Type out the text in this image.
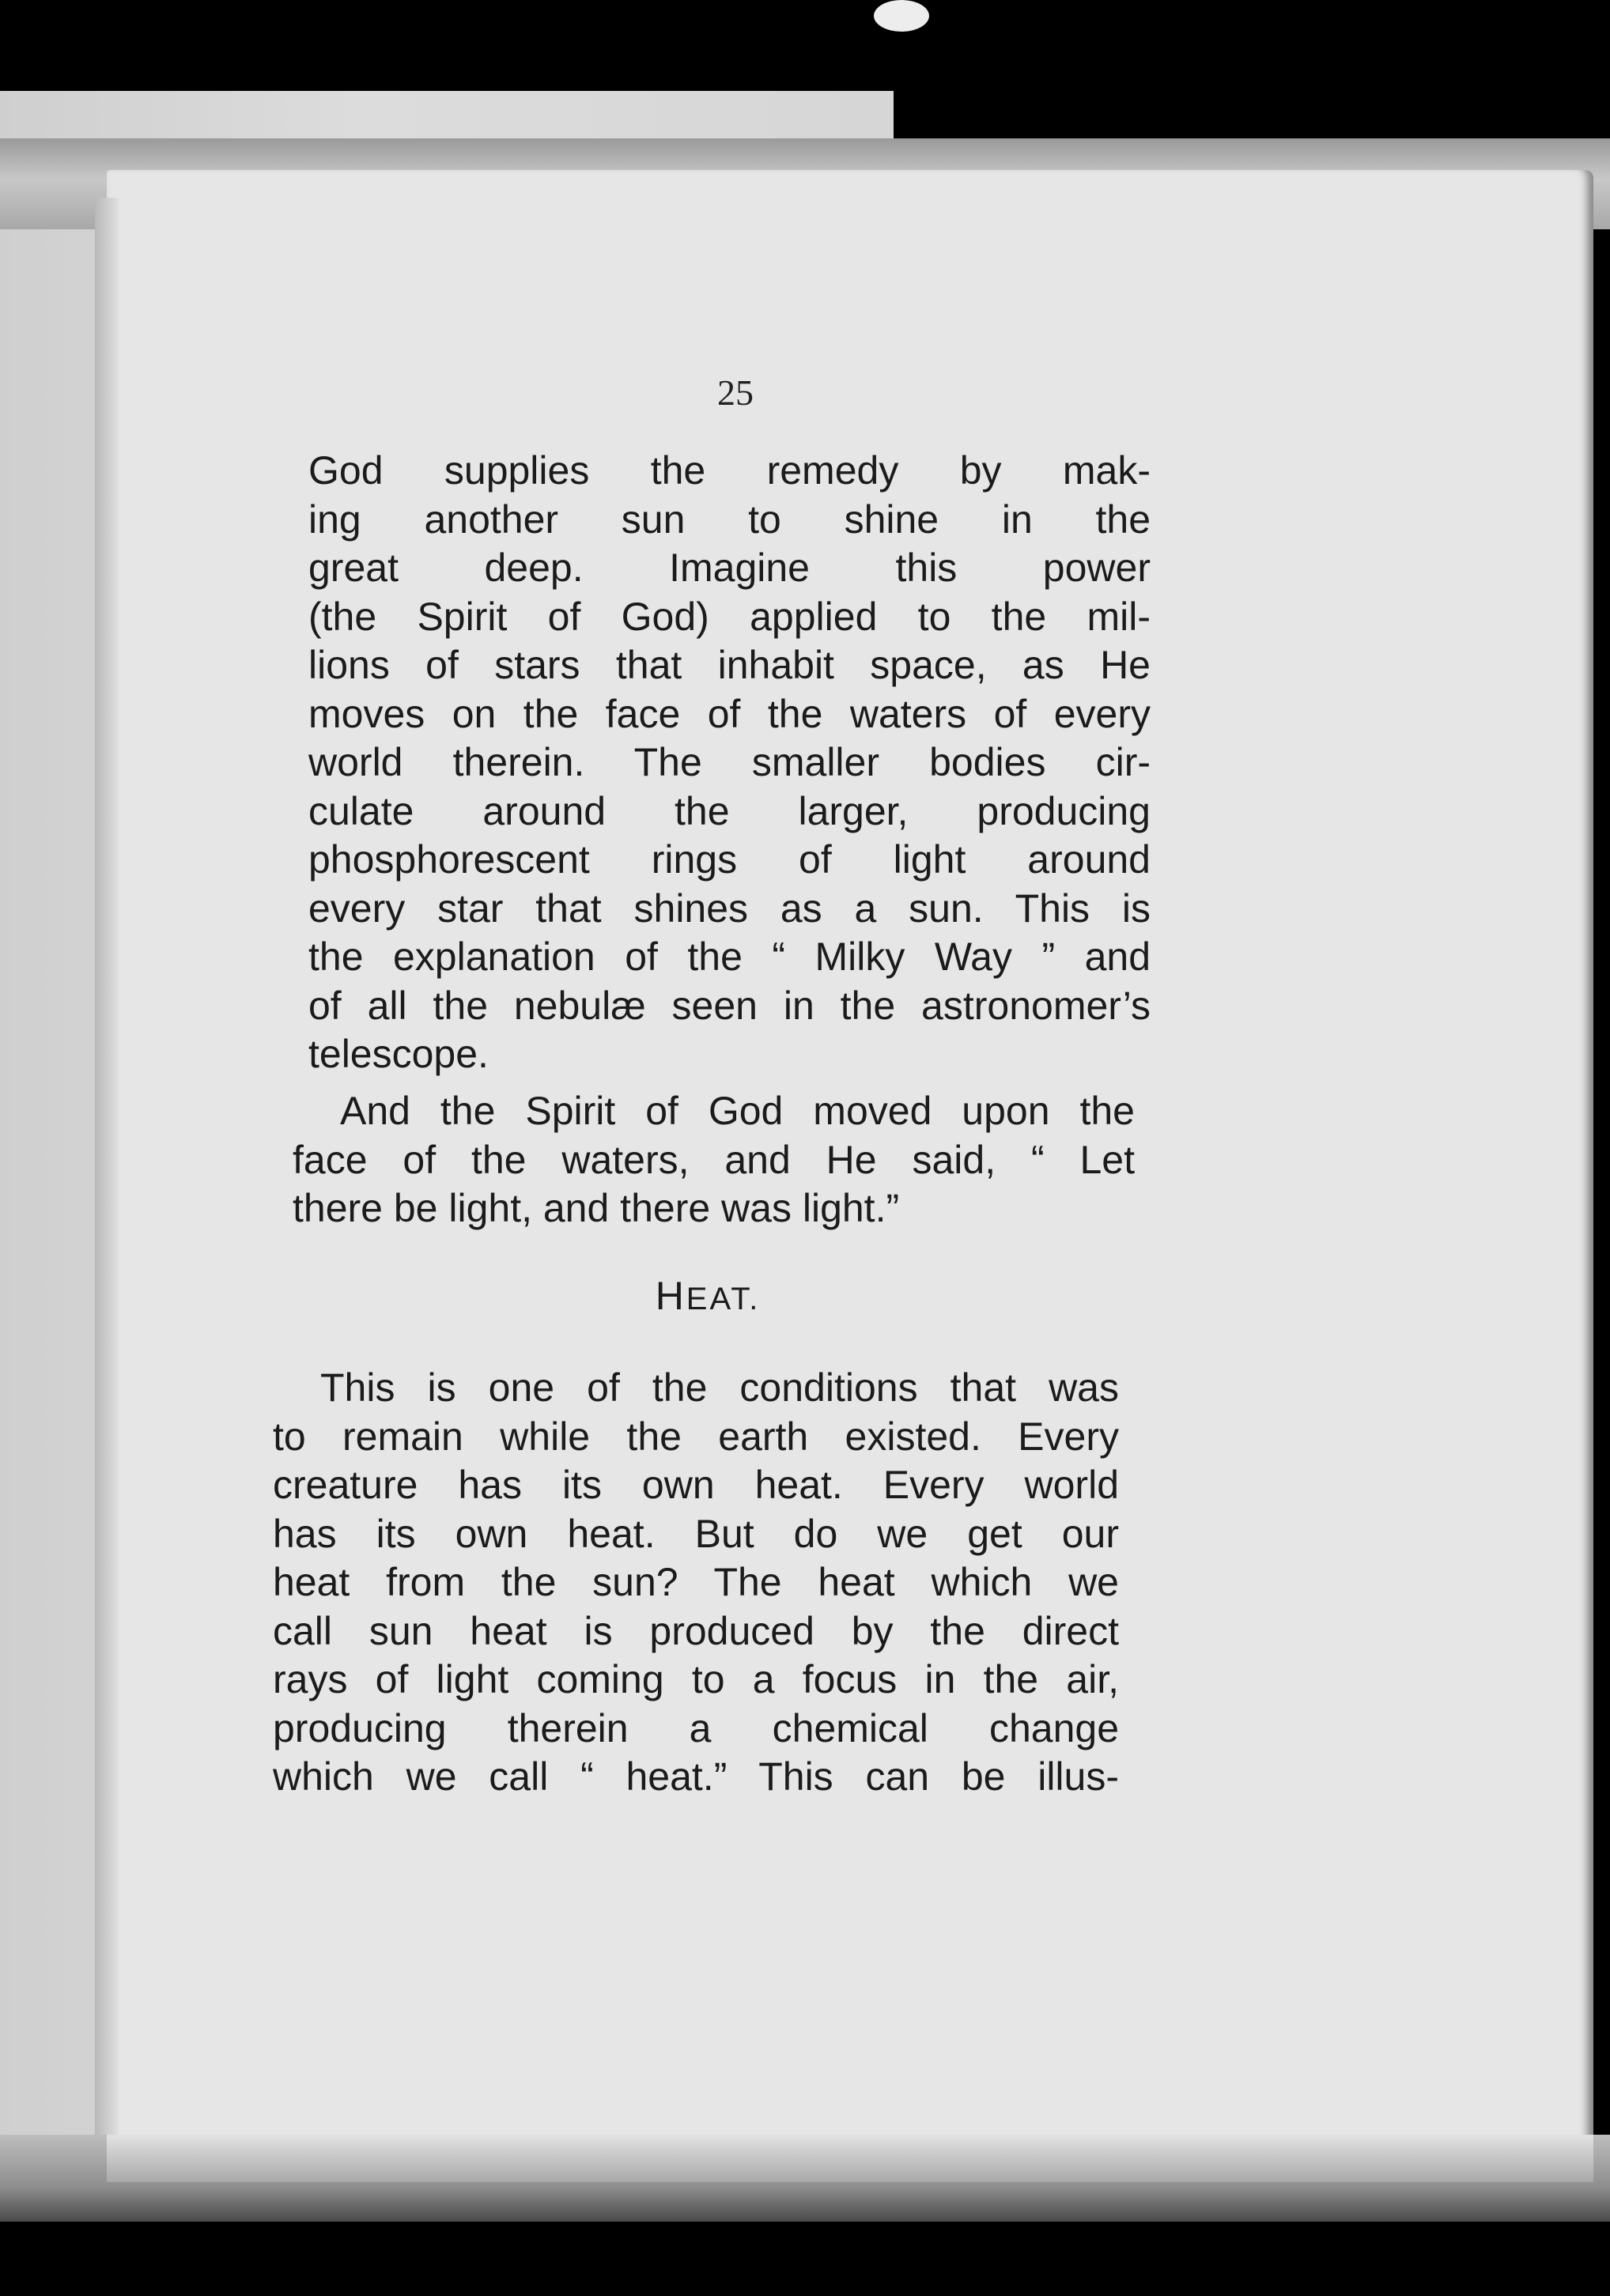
25
God supplies the remedy by mak-
ing another sun to shine in the
great deep. Imagine this power
(the Spirit of God) applied to the mil-
lions of stars that inhabit space, as He
moves on the face of the waters of every
world therein. The smaller bodies cir-
culate around the larger, producing
phosphorescent rings of light around
every star that shines as a sun. This is
the explanation of the “ Milky Way ” and
of all the nebulæ seen in the astronomer’s
telescope.
And the Spirit of God moved upon the
face of the waters, and He said, “ Let
there be light, and there was light.”
HEAT.
This is one of the conditions that was
to remain while the earth existed. Every
creature has its own heat. Every world
has its own heat. But do we get our
heat from the sun? The heat which we
call sun heat is produced by the direct
rays of light coming to a focus in the air,
producing therein a chemical change
which we call “ heat.” This can be illus-
